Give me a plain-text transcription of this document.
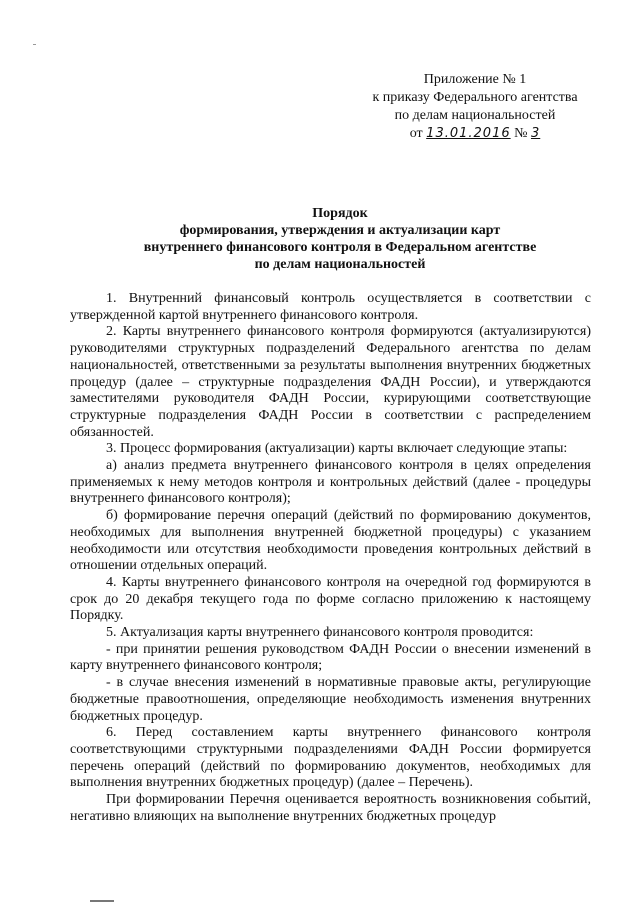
Приложение № 1
к приказу Федерального агентства
по делам национальностей
от 13.01.2016 № 3
Порядок
формирования, утверждения и актуализации карт
внутреннего финансового контроля в Федеральном агентстве
по делам национальностей

1. Внутренний финансовый контроль осуществляется в соответствии с утвержденной картой внутреннего финансового контроля.

2. Карты внутреннего финансового контроля формируются (актуализируются) руководителями структурных подразделений Федерального агентства по делам национальностей, ответственными за результаты выполнения внутренних бюджетных процедур (далее – структурные подразделения ФАДН России), и утверждаются заместителями руководителя ФАДН России, курирующими соответствующие структурные подразделения ФАДН России в соответствии с распределением обязанностей.

3. Процесс формирования (актуализации) карты включает следующие этапы:

а) анализ предмета внутреннего финансового контроля в целях определения применяемых к нему методов контроля и контрольных действий (далее - процедуры внутреннего финансового контроля);

б) формирование перечня операций (действий по формированию документов, необходимых для выполнения внутренней бюджетной процедуры) с указанием необходимости или отсутствия необходимости проведения контрольных действий в отношении отдельных операций.

4. Карты внутреннего финансового контроля на очередной год формируются в срок до 20 декабря текущего года по форме согласно приложению к настоящему Порядку.

5. Актуализация карты внутреннего финансового контроля проводится:

- при принятии решения руководством ФАДН России о внесении изменений в карту внутреннего финансового контроля;

- в случае внесения изменений в нормативные правовые акты, регулирующие бюджетные правоотношения, определяющие необходимость изменения внутренних бюджетных процедур.

6. Перед составлением карты внутреннего финансового контроля соответствующими структурными подразделениями ФАДН России формируется перечень операций (действий по формированию документов, необходимых для выполнения внутренних бюджетных процедур) (далее – Перечень).

При формировании Перечня оценивается вероятность возникновения событий, негативно влияющих на выполнение внутренних бюджетных процедур
